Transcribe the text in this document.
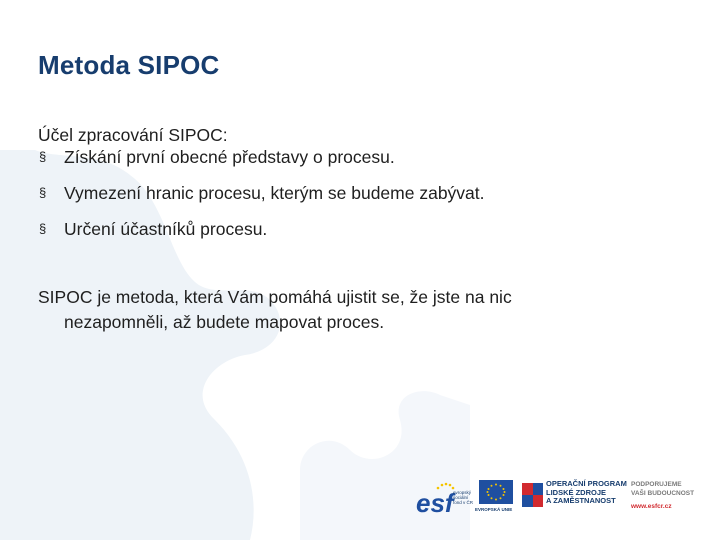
Metoda SIPOC

Účel zpracování SIPOC:

§ Získání první obecné představy o procesu.
§ Vymezení hranic procesu, kterým se budeme zabývat.
§ Určení účastníků procesu.
SIPOC je metoda, která Vám pomáhá ujistit se, že jste na nic
nezapomněli, až budete mapovat proces.
esf evropský
sociální
fond v ČR
EVROPSKÁ UNIE
OPERAČNÍ PROGRAM
LIDSKÉ ZDROJE
A ZAMĚSTNANOST
PODPORUJEME
VAŠI BUDOUCNOST
www.esfcr.cz
